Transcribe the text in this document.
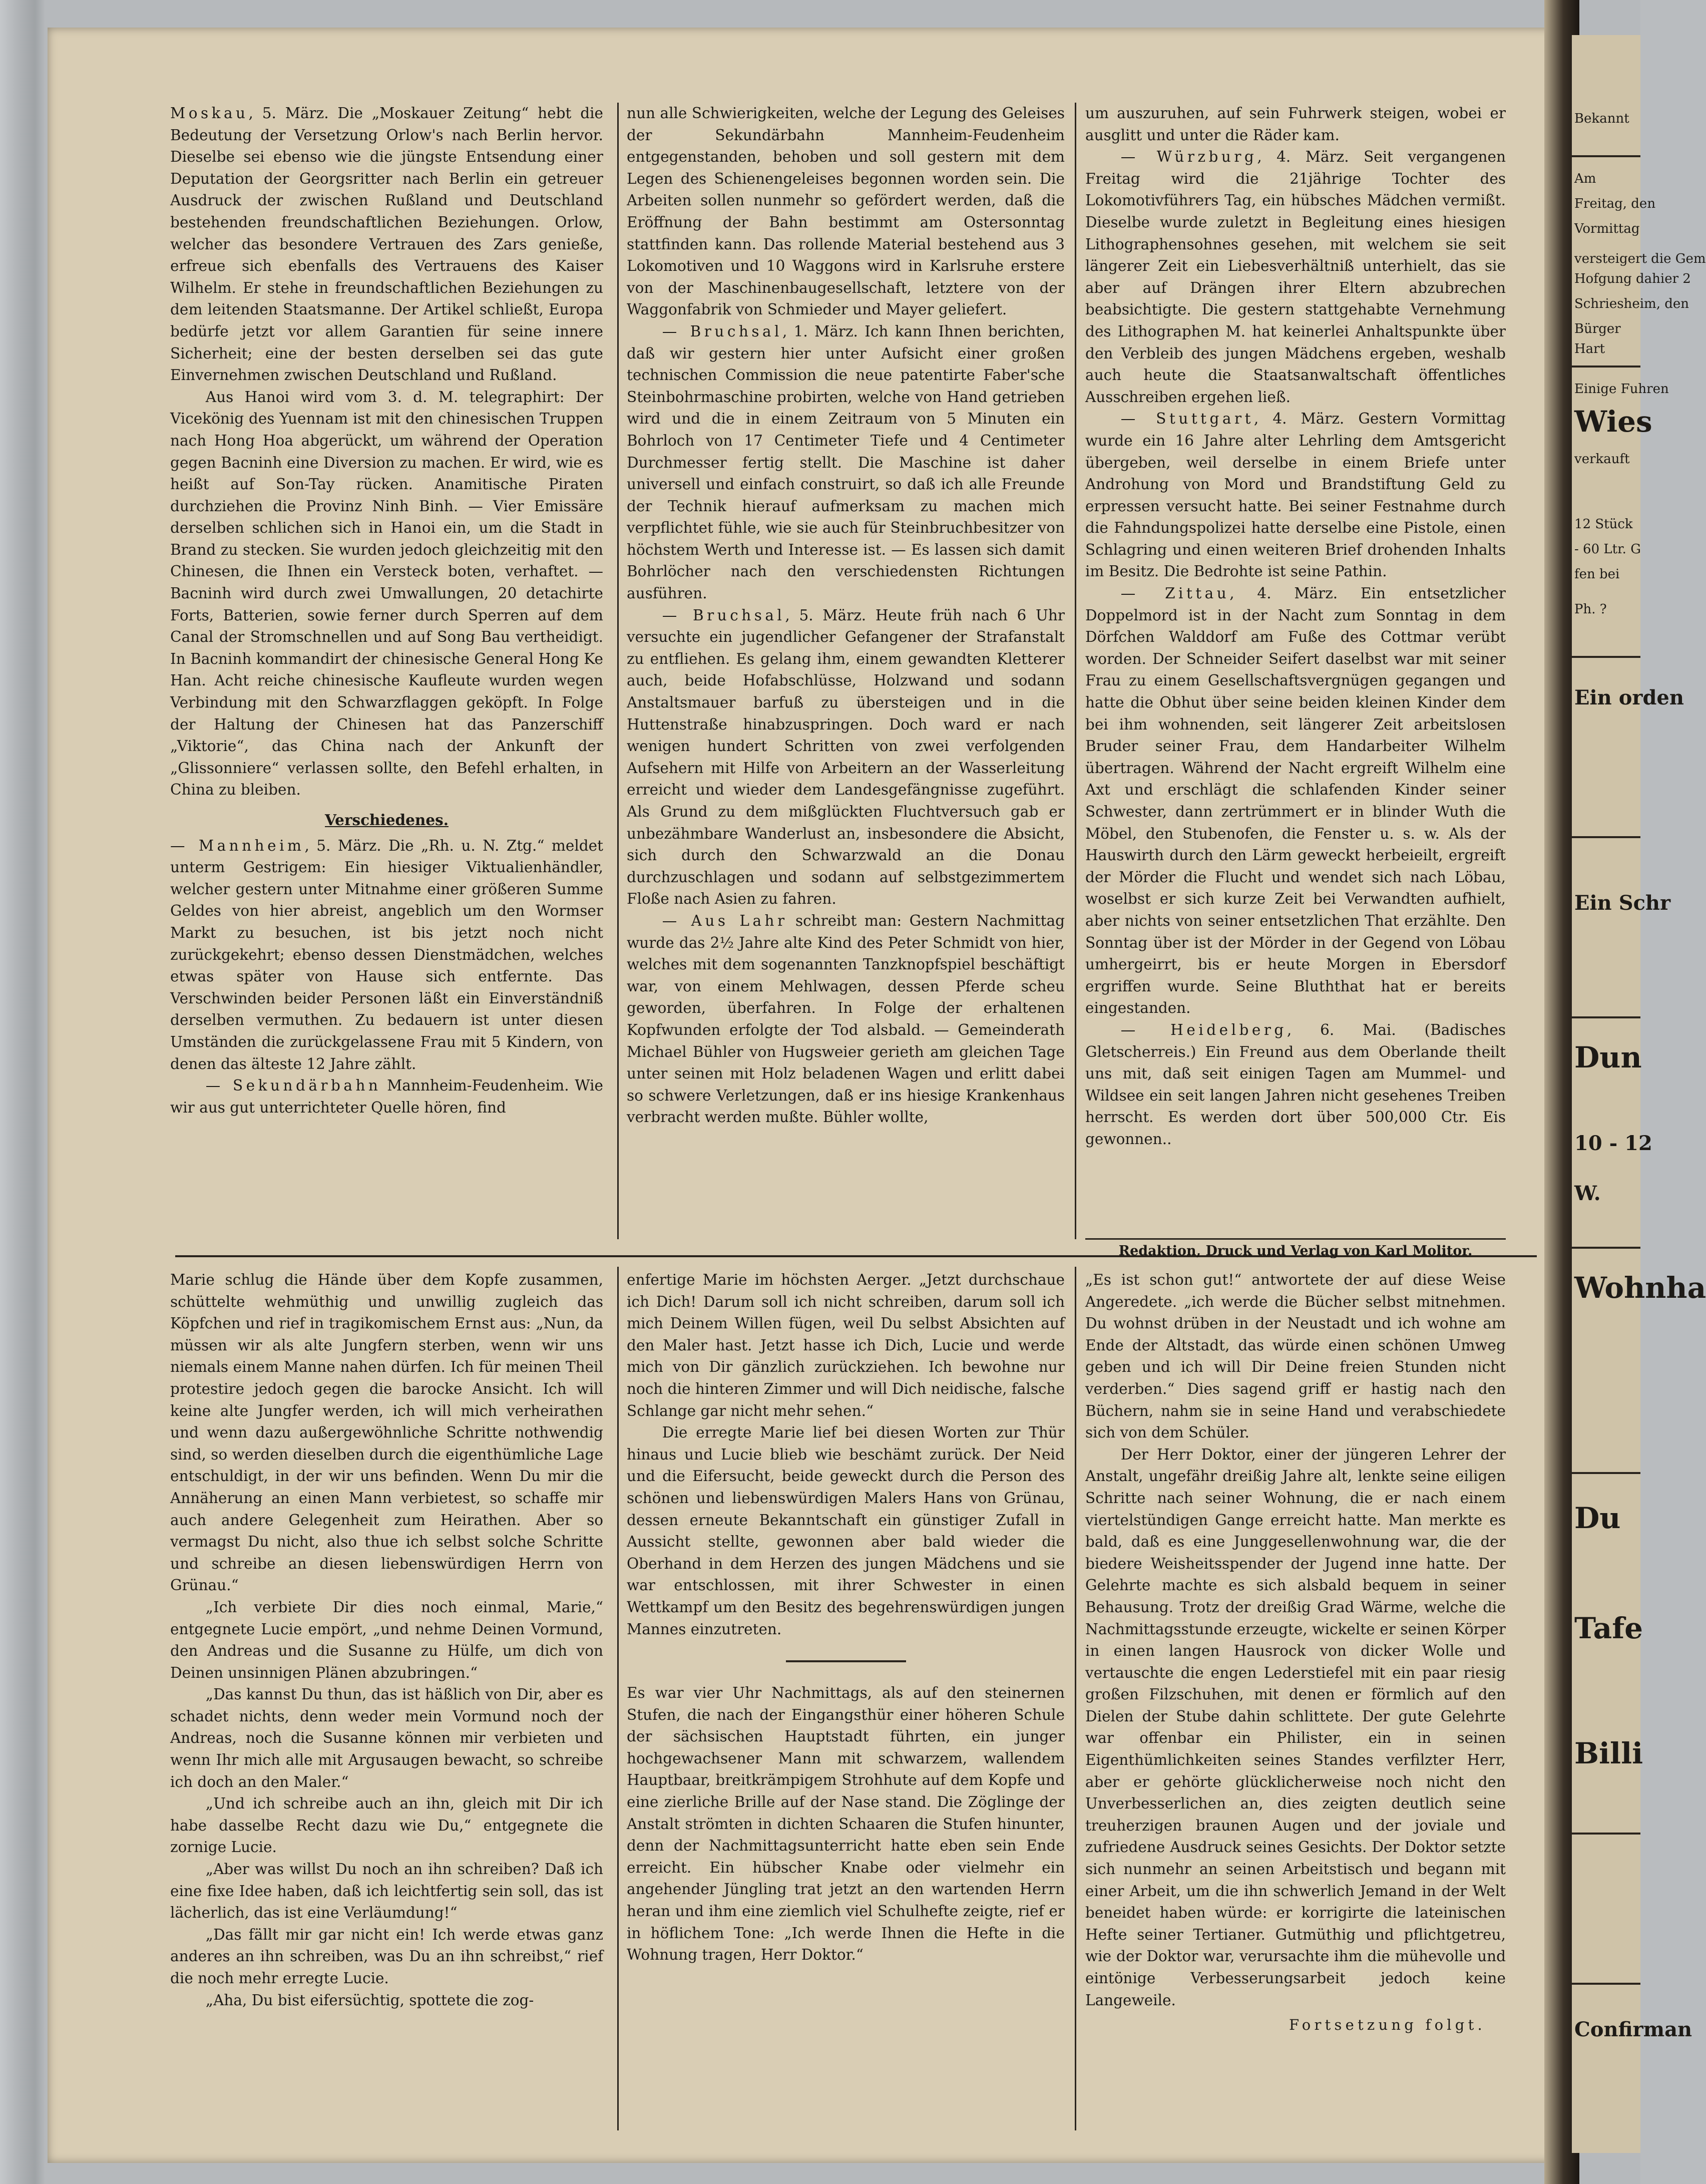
Moskau, 5. März. Die „Moskauer Zeitung“ hebt die Bedeutung der Versetzung Orlow's nach Berlin hervor. Dieselbe sei ebenso wie die jüngste Entsendung einer Deputation der Georgsritter nach Berlin ein getreuer Ausdruck der zwischen Rußland und Deutschland bestehenden freundschaftlichen Beziehungen. Orlow, welcher das besondere Vertrauen des Zars genieße, erfreue sich ebenfalls des Vertrauens des Kaiser Wilhelm. Er stehe in freundschaftlichen Beziehungen zu dem leitenden Staatsmanne. Der Artikel schließt, Europa bedürfe jetzt vor allem Garantien für seine innere Sicherheit; eine der besten derselben sei das gute Einvernehmen zwischen Deutschland und Rußland.

Aus Hanoi wird vom 3. d. M. telegraphirt: Der Vicekönig des Yuennam ist mit den chinesischen Truppen nach Hong Hoa abgerückt, um während der Operation gegen Bacninh eine Diversion zu machen. Er wird, wie es heißt auf Son-Tay rücken. Anamitische Piraten durchziehen die Provinz Ninh Binh. — Vier Emissäre derselben schlichen sich in Hanoi ein, um die Stadt in Brand zu stecken. Sie wurden jedoch gleichzeitig mit den Chinesen, die Ihnen ein Versteck boten, verhaftet. — Bacninh wird durch zwei Umwallungen, 20 detachirte Forts, Batterien, sowie ferner durch Sperren auf dem Canal der Stromschnellen und auf Song Bau vertheidigt. In Bacninh kommandirt der chinesische General Hong Ke Han. Acht reiche chinesische Kaufleute wurden wegen Verbindung mit den Schwarzflaggen geköpft. In Folge der Haltung der Chinesen hat das Panzerschiff „Viktorie“, das China nach der Ankunft der „Glissonniere“ verlassen sollte, den Befehl erhalten, in China zu bleiben.

Verschiedenes.

— Mannheim, 5. März. Die „Rh. u. N. Ztg.“ meldet unterm Gestrigem: Ein hiesiger Viktualienhändler, welcher gestern unter Mitnahme einer größeren Summe Geldes von hier abreist, angeblich um den Wormser Markt zu besuchen, ist bis jetzt noch nicht zurückgekehrt; ebenso dessen Dienstmädchen, welches etwas später von Hause sich entfernte. Das Verschwinden beider Personen läßt ein Einverständniß derselben vermuthen. Zu bedauern ist unter diesen Umständen die zurückgelassene Frau mit 5 Kindern, von denen das älteste 12 Jahre zählt.

— Sekundärbahn Mannheim-Feudenheim. Wie wir aus gut unterrichteter Quelle hören, find

nun alle Schwierigkeiten, welche der Legung des Geleises der Sekundärbahn Mannheim-Feudenheim entgegenstanden, behoben und soll gestern mit dem Legen des Schienengeleises begonnen worden sein. Die Arbeiten sollen nunmehr so gefördert werden, daß die Eröffnung der Bahn bestimmt am Ostersonntag stattfinden kann. Das rollende Material bestehend aus 3 Lokomotiven und 10 Waggons wird in Karlsruhe erstere von der Maschinenbaugesellschaft, letztere von der Waggonfabrik von Schmieder und Mayer geliefert.

— Bruchsal, 1. März. Ich kann Ihnen berichten, daß wir gestern hier unter Aufsicht einer großen technischen Commission die neue patentirte Faber'sche Steinbohrmaschine probirten, welche von Hand getrieben wird und die in einem Zeitraum von 5 Minuten ein Bohrloch von 17 Centimeter Tiefe und 4 Centimeter Durchmesser fertig stellt. Die Maschine ist daher universell und einfach construirt, so daß ich alle Freunde der Technik hierauf aufmerksam zu machen mich verpflichtet fühle, wie sie auch für Steinbruchbesitzer von höchstem Werth und Interesse ist. — Es lassen sich damit Bohrlöcher nach den verschiedensten Richtungen ausführen.

— Bruchsal, 5. März. Heute früh nach 6 Uhr versuchte ein jugendlicher Gefangener der Strafanstalt zu entfliehen. Es gelang ihm, einem gewandten Kletterer auch, beide Hofabschlüsse, Holzwand und sodann Anstaltsmauer barfuß zu übersteigen und in die Huttenstraße hinabzuspringen. Doch ward er nach wenigen hundert Schritten von zwei verfolgenden Aufsehern mit Hilfe von Arbeitern an der Wasserleitung erreicht und wieder dem Landesgefängnisse zugeführt. Als Grund zu dem mißglückten Fluchtversuch gab er unbezähmbare Wanderlust an, insbesondere die Absicht, sich durch den Schwarzwald an die Donau durchzuschlagen und sodann auf selbstgezimmertem Floße nach Asien zu fahren.

— Aus Lahr schreibt man: Gestern Nachmittag wurde das 2½ Jahre alte Kind des Peter Schmidt von hier, welches mit dem sogenannten Tanzknopfspiel beschäftigt war, von einem Mehlwagen, dessen Pferde scheu geworden, überfahren. In Folge der erhaltenen Kopfwunden erfolgte der Tod alsbald. — Gemeinderath Michael Bühler von Hugsweier gerieth am gleichen Tage unter seinen mit Holz beladenen Wagen und erlitt dabei so schwere Verletzungen, daß er ins hiesige Krankenhaus verbracht werden mußte. Bühler wollte,

um auszuruhen, auf sein Fuhrwerk steigen, wobei er ausglitt und unter die Räder kam.

— Würzburg, 4. März. Seit vergangenen Freitag wird die 21jährige Tochter des Lokomotivführers Tag, ein hübsches Mädchen vermißt. Dieselbe wurde zuletzt in Begleitung eines hiesigen Lithographensohnes gesehen, mit welchem sie seit längerer Zeit ein Liebesverhältniß unterhielt, das sie aber auf Drängen ihrer Eltern abzubrechen beabsichtigte. Die gestern stattgehabte Vernehmung des Lithographen M. hat keinerlei Anhaltspunkte über den Verbleib des jungen Mädchens ergeben, weshalb auch heute die Staatsanwaltschaft öffentliches Ausschreiben ergehen ließ.

— Stuttgart, 4. März. Gestern Vormittag wurde ein 16 Jahre alter Lehrling dem Amtsgericht übergeben, weil derselbe in einem Briefe unter Androhung von Mord und Brandstiftung Geld zu erpressen versucht hatte. Bei seiner Festnahme durch die Fahndungspolizei hatte derselbe eine Pistole, einen Schlagring und einen weiteren Brief drohenden Inhalts im Besitz. Die Bedrohte ist seine Pathin.

— Zittau, 4. März. Ein entsetzlicher Doppelmord ist in der Nacht zum Sonntag in dem Dörfchen Walddorf am Fuße des Cottmar verübt worden. Der Schneider Seifert daselbst war mit seiner Frau zu einem Gesellschaftsvergnügen gegangen und hatte die Obhut über seine beiden kleinen Kinder dem bei ihm wohnenden, seit längerer Zeit arbeitslosen Bruder seiner Frau, dem Handarbeiter Wilhelm übertragen. Während der Nacht ergreift Wilhelm eine Axt und erschlägt die schlafenden Kinder seiner Schwester, dann zertrümmert er in blinder Wuth die Möbel, den Stubenofen, die Fenster u. s. w. Als der Hauswirth durch den Lärm geweckt herbeieilt, ergreift der Mörder die Flucht und wendet sich nach Löbau, woselbst er sich kurze Zeit bei Verwandten aufhielt, aber nichts von seiner entsetzlichen That erzählte. Den Sonntag über ist der Mörder in der Gegend von Löbau umhergeirrt, bis er heute Morgen in Ebersdorf ergriffen wurde. Seine Bluththat hat er bereits eingestanden.

— Heidelberg, 6. Mai. (Badisches Gletscherreis.) Ein Freund aus dem Oberlande theilt uns mit, daß seit einigen Tagen am Mummel- und Wildsee ein seit langen Jahren nicht gesehenes Treiben herrscht. Es werden dort über 500,000 Ctr. Eis gewonnen..

Redaktion, Druck und Verlag von Karl Molitor.

Marie schlug die Hände über dem Kopfe zusammen, schüttelte wehmüthig und unwillig zugleich das Köpfchen und rief in tragikomischem Ernst aus: „Nun, da müssen wir als alte Jungfern sterben, wenn wir uns niemals einem Manne nahen dürfen. Ich für meinen Theil protestire jedoch gegen die barocke Ansicht. Ich will keine alte Jungfer werden, ich will mich verheirathen und wenn dazu außergewöhnliche Schritte nothwendig sind, so werden dieselben durch die eigenthümliche Lage entschuldigt, in der wir uns befinden. Wenn Du mir die Annäherung an einen Mann verbietest, so schaffe mir auch andere Gelegenheit zum Heirathen. Aber so vermagst Du nicht, also thue ich selbst solche Schritte und schreibe an diesen liebenswürdigen Herrn von Grünau.“

„Ich verbiete Dir dies noch einmal, Marie,“ entgegnete Lucie empört, „und nehme Deinen Vormund, den Andreas und die Susanne zu Hülfe, um dich von Deinen unsinnigen Plänen abzubringen.“

„Das kannst Du thun, das ist häßlich von Dir, aber es schadet nichts, denn weder mein Vormund noch der Andreas, noch die Susanne können mir verbieten und wenn Ihr mich alle mit Argusaugen bewacht, so schreibe ich doch an den Maler.“

„Und ich schreibe auch an ihn, gleich mit Dir ich habe dasselbe Recht dazu wie Du,“ entgegnete die zornige Lucie.

„Aber was willst Du noch an ihn schreiben? Daß ich eine fixe Idee haben, daß ich leichtfertig sein soll, das ist lächerlich, das ist eine Verläumdung!“

„Das fällt mir gar nicht ein! Ich werde etwas ganz anderes an ihn schreiben, was Du an ihn schreibst,“ rief die noch mehr erregte Lucie.

„Aha, Du bist eifersüchtig, spottete die zog-

enfertige Marie im höchsten Aerger. „Jetzt durchschaue ich Dich! Darum soll ich nicht schreiben, darum soll ich mich Deinem Willen fügen, weil Du selbst Absichten auf den Maler hast. Jetzt hasse ich Dich, Lucie und werde mich von Dir gänzlich zurückziehen. Ich bewohne nur noch die hinteren Zimmer und will Dich neidische, falsche Schlange gar nicht mehr sehen.“

Die erregte Marie lief bei diesen Worten zur Thür hinaus und Lucie blieb wie beschämt zurück. Der Neid und die Eifersucht, beide geweckt durch die Person des schönen und liebenswürdigen Malers Hans von Grünau, dessen erneute Bekanntschaft ein günstiger Zufall in Aussicht stellte, gewonnen aber bald wieder die Oberhand in dem Herzen des jungen Mädchens und sie war entschlossen, mit ihrer Schwester in einen Wettkampf um den Besitz des begehrenswürdigen jungen Mannes einzutreten.

Es war vier Uhr Nachmittags, als auf den steinernen Stufen, die nach der Eingangsthür einer höheren Schule der sächsischen Hauptstadt führten, ein junger hochgewachsener Mann mit schwarzem, wallendem Hauptbaar, breitkrämpigem Strohhute auf dem Kopfe und eine zierliche Brille auf der Nase stand. Die Zöglinge der Anstalt strömten in dichten Schaaren die Stufen hinunter, denn der Nachmittagsunterricht hatte eben sein Ende erreicht. Ein hübscher Knabe oder vielmehr ein angehender Jüngling trat jetzt an den wartenden Herrn heran und ihm eine ziemlich viel Schulhefte zeigte, rief er in höflichem Tone: „Ich werde Ihnen die Hefte in die Wohnung tragen, Herr Doktor.“

„Es ist schon gut!“ antwortete der auf diese Weise Angeredete. „ich werde die Bücher selbst mitnehmen. Du wohnst drüben in der Neustadt und ich wohne am Ende der Altstadt, das würde einen schönen Umweg geben und ich will Dir Deine freien Stunden nicht verderben.“ Dies sagend griff er hastig nach den Büchern, nahm sie in seine Hand und verabschiedete sich von dem Schüler.

Der Herr Doktor, einer der jüngeren Lehrer der Anstalt, ungefähr dreißig Jahre alt, lenkte seine eiligen Schritte nach seiner Wohnung, die er nach einem viertelstündigen Gange erreicht hatte. Man merkte es bald, daß es eine Junggesellenwohnung war, die der biedere Weisheitsspender der Jugend inne hatte. Der Gelehrte machte es sich alsbald bequem in seiner Behausung. Trotz der dreißig Grad Wärme, welche die Nachmittagsstunde erzeugte, wickelte er seinen Körper in einen langen Hausrock von dicker Wolle und vertauschte die engen Lederstiefel mit ein paar riesig großen Filzschuhen, mit denen er förmlich auf den Dielen der Stube dahin schlittete. Der gute Gelehrte war offenbar ein Philister, ein in seinen Eigenthümlichkeiten seines Standes verfilzter Herr, aber er gehörte glücklicherweise noch nicht den Unverbesserlichen an, dies zeigten deutlich seine treuherzigen braunen Augen und der joviale und zufriedene Ausdruck seines Gesichts. Der Doktor setzte sich nunmehr an seinen Arbeitstisch und begann mit einer Arbeit, um die ihn schwerlich Jemand in der Welt beneidet haben würde: er korrigirte die lateinischen Hefte seiner Tertianer. Gutmüthig und pflichtgetreu, wie der Doktor war, verursachte ihm die mühevolle und eintönige Verbesserungsarbeit jedoch keine Langeweile.

Fortsetzung folgt.

Bekannt
Am
Freitag, den
Vormittag
versteigert die Gem
Hofgung dahier 2
Schriesheim, den
Bürger
Hart
Einige Fuhren
Wies
verkauft
12 Stück
- 60 Ltr. G
fen bei
Ph. ?
Ein orden
Ein Schr
Dun
10 - 12
W.
Wohnha
Du
Tafe
Billi
Confirman
